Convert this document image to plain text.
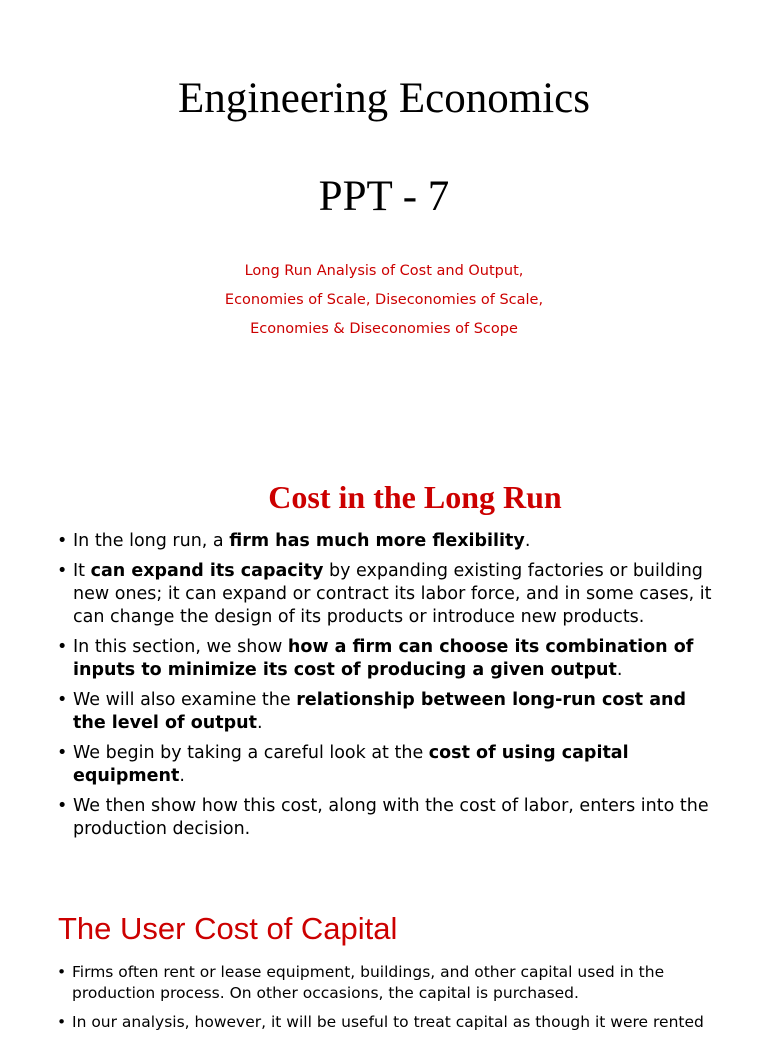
Engineering Economics
PPT - 7
Long Run Analysis of Cost and Output,
Economies of Scale, Diseconomies of Scale,
Economies & Diseconomies of Scope
Cost in the Long Run
• In the long run, a firm has much more flexibility.
• It can expand its capacity by expanding existing factories or building new ones; it can expand or contract its labor force, and in some cases, it can change the design of its products or introduce new products.
• In this section, we show how a firm can choose its combination of inputs to minimize its cost of producing a given output.
• We will also examine the relationship between long-run cost and the level of output.
• We begin by taking a careful look at the cost of using capital equipment.
• We then show how this cost, along with the cost of labor, enters into the production decision.
The User Cost of Capital
• Firms often rent or lease equipment, buildings, and other capital used in the production process. On other occasions, the capital is purchased.
• In our analysis, however, it will be useful to treat capital as though it were rented
